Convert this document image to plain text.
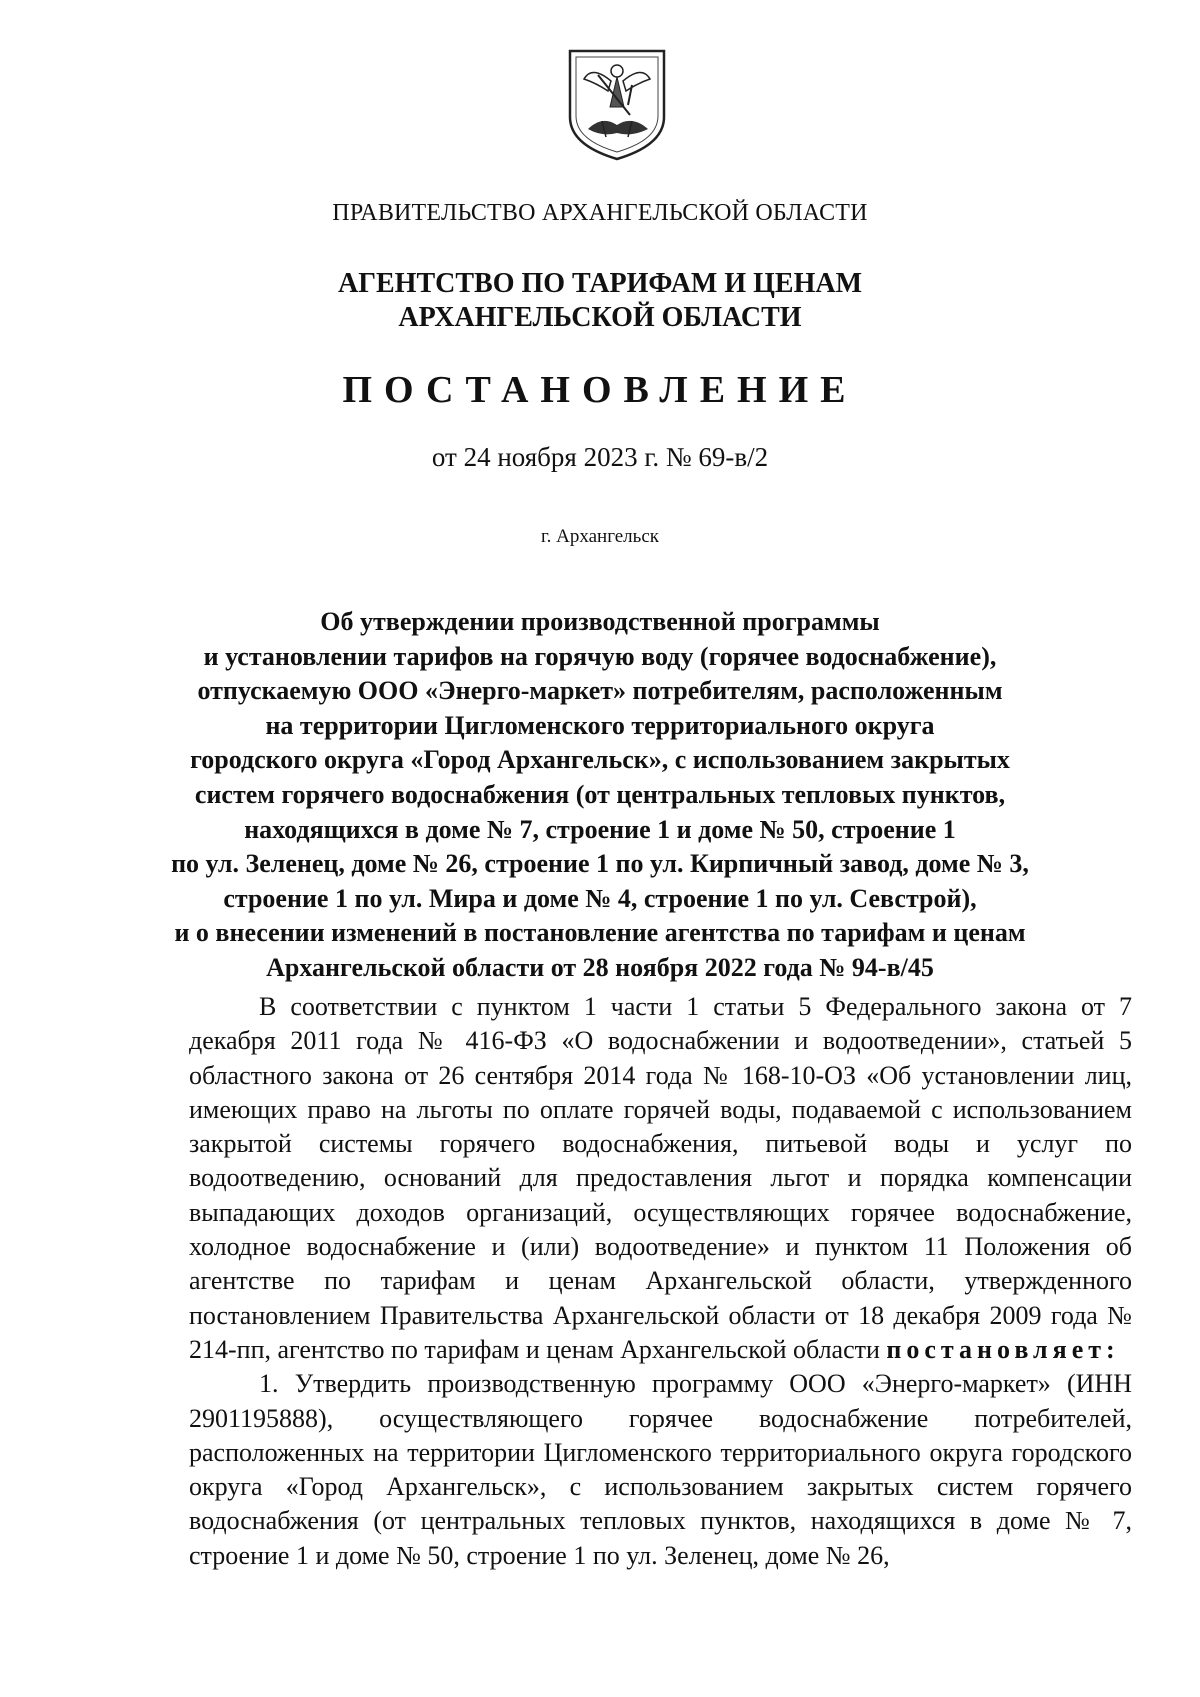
ПРАВИТЕЛЬСТВО АРХАНГЕЛЬСКОЙ ОБЛАСТИ
АГЕНТСТВО ПО ТАРИФАМ И ЦЕНАМ
АРХАНГЕЛЬСКОЙ ОБЛАСТИ
ПОСТАНОВЛЕНИЕ
от 24 ноября 2023 г. № 69-в/2
г. Архангельск
Об утверждении производственной программы
и установлении тарифов на горячую воду (горячее водоснабжение),
отпускаемую ООО «Энерго-маркет» потребителям, расположенным
на территории Цигломенского территориального округа
городского округа «Город Архангельск», с использованием закрытых
систем горячего водоснабжения (от центральных тепловых пунктов,
находящихся в доме № 7, строение 1 и доме № 50, строение 1
по ул. Зеленец, доме № 26, строение 1 по ул. Кирпичный завод, доме № 3,
строение 1 по ул. Мира и доме № 4, строение 1 по ул. Севстрой),
и о внесении изменений в постановление агентства по тарифам и ценам
Архангельской области от 28 ноября 2022 года № 94-в/45

В соответствии с пунктом 1 части 1 статьи 5 Федерального закона от 7 декабря 2011 года № 416-ФЗ «О водоснабжении и водоотведении», статьей 5 областного закона от 26 сентября 2014 года № 168-10-ОЗ «Об установлении лиц, имеющих право на льготы по оплате горячей воды, подаваемой с использованием закрытой системы горячего водоснабжения, питьевой воды и услуг по водоотведению, оснований для предоставления льгот и порядка компенсации выпадающих доходов организаций, осуществляющих горячее водоснабжение, холодное водоснабжение и (или) водоотведение» и пунктом 11 Положения об агентстве по тарифам и ценам Архангельской области, утвержденного постановлением Правительства Архангельской области от 18 декабря 2009 года № 214-пп, агентство по тарифам и ценам Архангельской области постановляет:

1. Утвердить производственную программу ООО «Энерго-маркет» (ИНН 2901195888), осуществляющего горячее водоснабжение потребителей, расположенных на территории Цигломенского территориального округа городского округа «Город Архангельск», с использованием закрытых систем горячего водоснабжения (от центральных тепловых пунктов, находящихся в доме № 7, строение 1 и доме № 50, строение 1 по ул. Зеленец, доме № 26,
